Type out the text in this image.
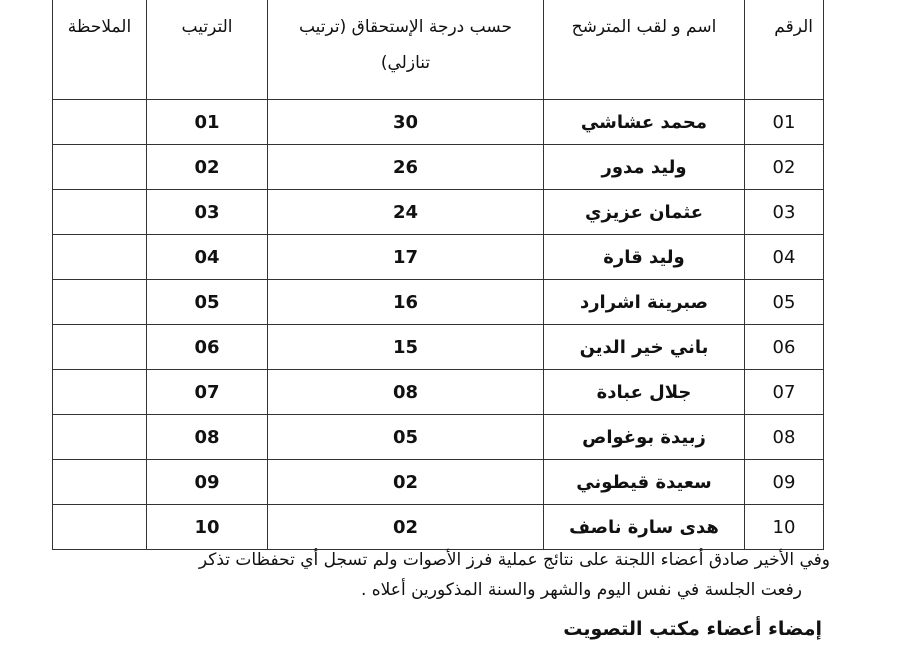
الرقم	اسم و لقب المترشح	حسب درجة الإستحقاق (ترتيب تنازلي)	الترتيب	الملاحظة
01	محمد عشاشي	30	01	
02	وليد مدور	26	02	
03	عثمان عزيزي	24	03	
04	وليد قارة	17	04	
05	صبرينة اشرارد	16	05	
06	باني خير الدين	15	06	
07	جلال عبادة	08	07	
08	زبيدة بوغواص	05	08	
09	سعيدة قيطوني	02	09	
10	هدى سارة ناصف	02	10	
وفي الأخير صادق أعضاء اللجنة على نتائج عملية فرز الأصوات ولم تسجل أي تحفظات تذكر
رفعت الجلسة في نفس اليوم والشهر والسنة المذكورين أعلاه .
إمضاء أعضاء مكتب التصويت
